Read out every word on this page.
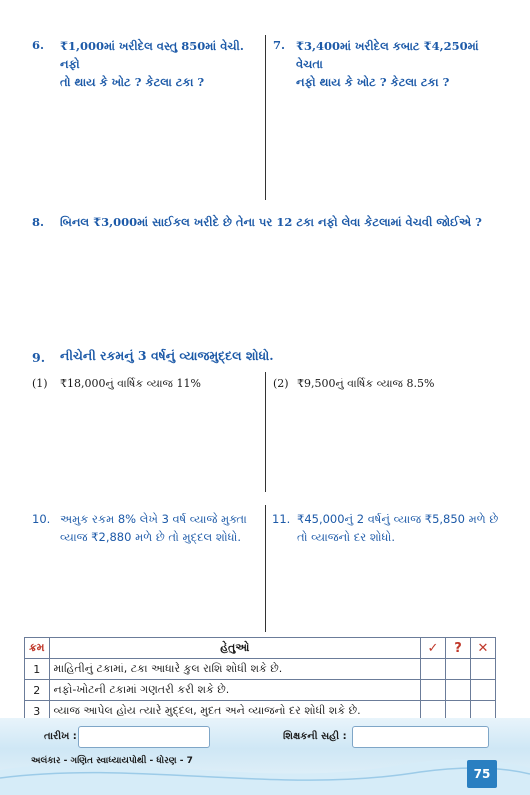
6. ₹1,000માં ખરીદેલ વસ્તુ 850માં વેચી. નફો
તો થાય કે ખોટ ? કેટલા ટકા ?
7. ₹3,400માં ખરીદેલ કબાટ ₹4,250માં વેચતા
નફો થાય કે ખોટ ? કેટલા ટકા ?
8. બિનલ ₹3,000માં સાઈકલ ખરીદે છે તેના પર 12 ટકા નફો લેવા કેટલામાં વેચવી જોઈએ ?
9. નીચેની રકમનું 3 વર્ષનું વ્યાજમુદ્દલ શોધો.
(1) ₹18,000નું વાર્ષિક વ્યાજ 11%	(2) ₹9,500નું વાર્ષિક વ્યાજ 8.5%
10. અમુક રકમ 8% લેખે 3 વર્ષ વ્યાજે મુક્તા
વ્યાજ ₹2,880 મળે છે તો મુદ્દલ શોધો.
11. ₹45,000નું 2 વર્ષનું વ્યાજ ₹5,850 મળે છે
તો વ્યાજનો દર શોધો.
ક્રમ	હેતુઓ	✓	?	✕
1	માહિતીનું ટકામાં, ટકા આધારે કુલ રાશિ શોધી શકે છે.			
2	નફો-ખોટની ટકામાં ગણતરી કરી શકે છે.			
3	વ્યાજ આપેલ હોય ત્યારે મુદ્દલ, મુદત અને વ્યાજનો દર શોધી શકે છે.			
તારીખ :	શિક્ષકની સહી :
અલંકાર - ગણિત સ્વાધ્યાયપોથી - ધોરણ - 7
75
